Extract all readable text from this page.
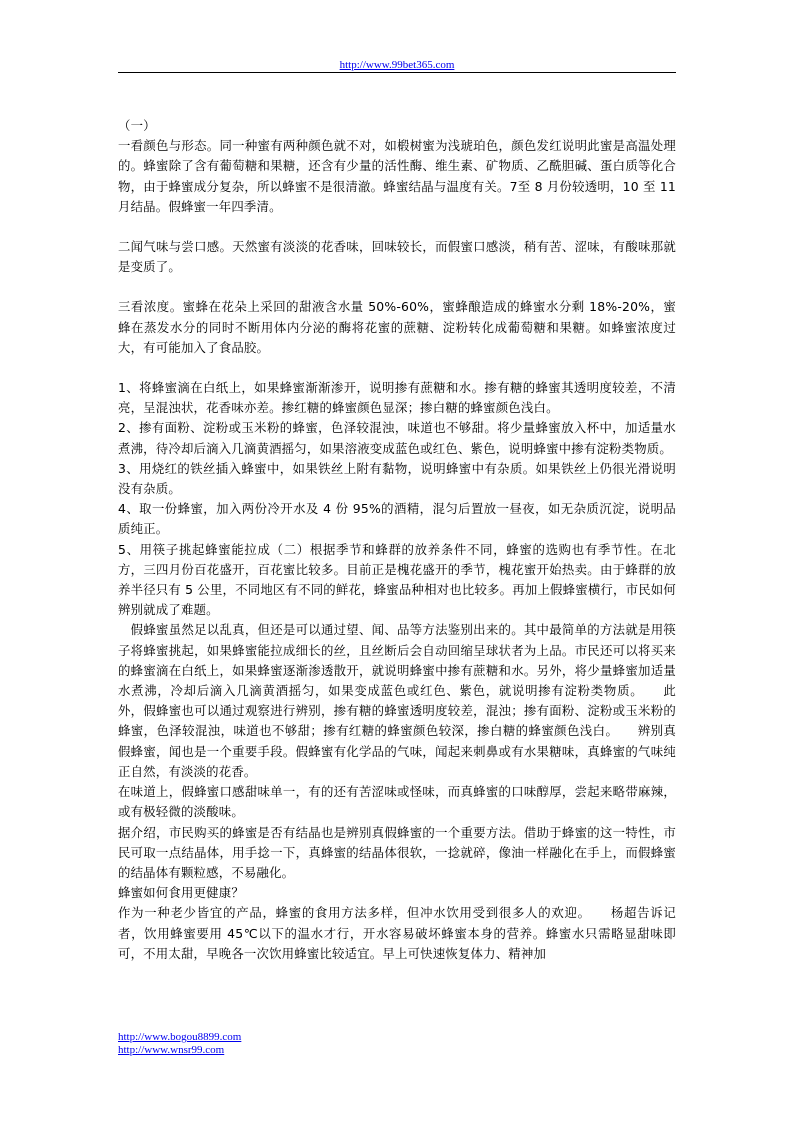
http://www.99bet365.com

（一）

一看颜色与形态。同一种蜜有两种颜色就不对，如椴树蜜为浅琥珀色，颜色发红说明此蜜是高温处理的。蜂蜜除了含有葡萄糖和果糖，还含有少量的活性酶、维生素、矿物质、乙酰胆碱、蛋白质等化合物，由于蜂蜜成分复杂，所以蜂蜜不是很清澈。蜂蜜结晶与温度有关。7至 8 月份较透明，10 至 11 月结晶。假蜂蜜一年四季清。

二闻气味与尝口感。天然蜜有淡淡的花香味，回味较长，而假蜜口感淡，稍有苦、涩味，有酸味那就是变质了。

三看浓度。蜜蜂在花朵上采回的甜液含水量 50%-60%，蜜蜂酿造成的蜂蜜水分剩 18%-20%，蜜蜂在蒸发水分的同时不断用体内分泌的酶将花蜜的蔗糖、淀粉转化成葡萄糖和果糖。如蜂蜜浓度过大，有可能加入了食品胶。

1、将蜂蜜滴在白纸上，如果蜂蜜渐渐渗开，说明掺有蔗糖和水。掺有糖的蜂蜜其透明度较差，不清亮，呈混浊状，花香味亦差。掺红糖的蜂蜜颜色显深；掺白糖的蜂蜜颜色浅白。

2、掺有面粉、淀粉或玉米粉的蜂蜜，色泽较混浊，味道也不够甜。将少量蜂蜜放入杯中，加适量水煮沸，待冷却后滴入几滴黄酒摇匀，如果溶液变成蓝色或红色、紫色，说明蜂蜜中掺有淀粉类物质。

3、用烧红的铁丝插入蜂蜜中，如果铁丝上附有黏物，说明蜂蜜中有杂质。如果铁丝上仍很光滑说明没有杂质。

4、取一份蜂蜜，加入两份冷开水及 4 份 95%的酒精，混匀后置放一昼夜，如无杂质沉淀，说明品质纯正。

5、用筷子挑起蜂蜜能拉成（二）根据季节和蜂群的放养条件不同，蜂蜜的选购也有季节性。在北方，三四月份百花盛开，百花蜜比较多。目前正是槐花盛开的季节，槐花蜜开始热卖。由于蜂群的放养半径只有 5 公里，不同地区有不同的鲜花，蜂蜜品种相对也比较多。再加上假蜂蜜横行，市民如何辨别就成了难题。

　假蜂蜜虽然足以乱真，但还是可以通过望、闻、品等方法鉴别出来的。其中最简单的方法就是用筷子将蜂蜜挑起，如果蜂蜜能拉成细长的丝，且丝断后会自动回缩呈球状者为上品。市民还可以将买来的蜂蜜滴在白纸上，如果蜂蜜逐渐渗透散开，就说明蜂蜜中掺有蔗糖和水。另外，将少量蜂蜜加适量水煮沸，冷却后滴入几滴黄酒摇匀，如果变成蓝色或红色、紫色，就说明掺有淀粉类物质。　　此外，假蜂蜜也可以通过观察进行辨别，掺有糖的蜂蜜透明度较差，混浊；掺有面粉、淀粉或玉米粉的蜂蜜，色泽较混浊，味道也不够甜；掺有红糖的蜂蜜颜色较深，掺白糖的蜂蜜颜色浅白。　　辨别真假蜂蜜，闻也是一个重要手段。假蜂蜜有化学品的气味，闻起来刺鼻或有水果糖味，真蜂蜜的气味纯正自然，有淡淡的花香。

在味道上，假蜂蜜口感甜味单一，有的还有苦涩味或怪味，而真蜂蜜的口味醇厚，尝起来略带麻辣，或有极轻微的淡酸味。

据介绍，市民购买的蜂蜜是否有结晶也是辨别真假蜂蜜的一个重要方法。借助于蜂蜜的这一特性，市民可取一点结晶体，用手捻一下，真蜂蜜的结晶体很软，一捻就碎，像油一样融化在手上，而假蜂蜜的结晶体有颗粒感，不易融化。

蜂蜜如何食用更健康？

作为一种老少皆宜的产品，蜂蜜的食用方法多样，但冲水饮用受到很多人的欢迎。　　杨超告诉记者，饮用蜂蜜要用 45℃以下的温水才行，开水容易破坏蜂蜜本身的营养。蜂蜜水只需略显甜味即可，不用太甜，早晚各一次饮用蜂蜜比较适宜。早上可快速恢复体力、精神加

http://www.bogou8899.com
http://www.wnsr99.com
